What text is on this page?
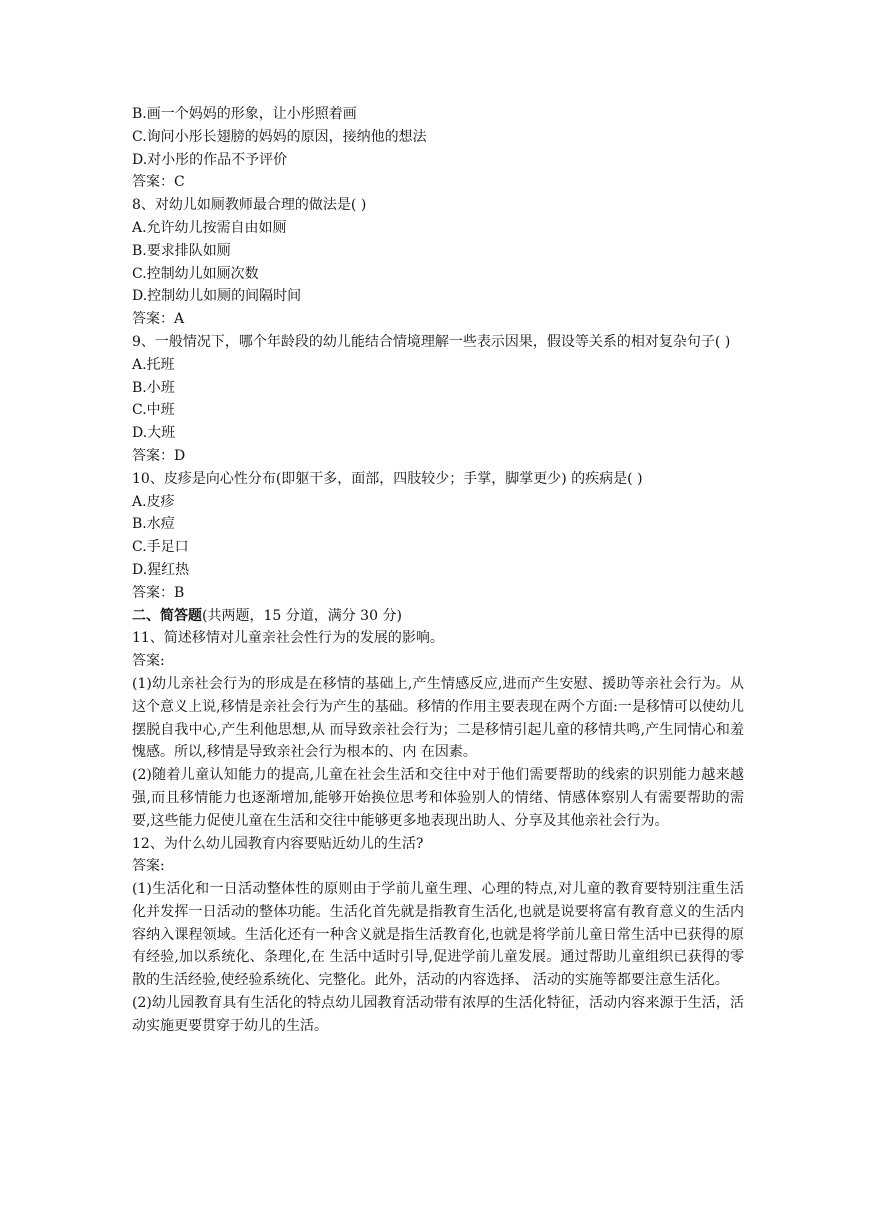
B.画一个妈妈的形象，让小彤照着画

C.询问小彤长翅膀的妈妈的原因，接纳他的想法

D.对小彤的作品不予评价

答案：C

8、对幼儿如厕教师最合理的做法是( )

A.允许幼儿按需自由如厕

B.要求排队如厕

C.控制幼儿如厕次数

D.控制幼儿如厕的间隔时间

答案：A

9、一般情况下，哪个年龄段的幼儿能结合情境理解一些表示因果，假设等关系的相对复杂句子( )

A.托班

B.小班

C.中班

D.大班

答案：D

10、皮疹是向心性分布(即躯干多，面部，四肢较少；手掌，脚掌更少) 的疾病是( )

A.皮疹

B.水痘

C.手足口

D.猩红热

答案：B

二、简答题(共两题，15 分道，满分 30 分)

11、简述移情对儿童亲社会性行为的发展的影响。

答案:

(1)幼儿亲社会行为的形成是在移情的基础上,产生情感反应,进而产生安慰、援助等亲社会行为。从这个意义上说,移情是亲社会行为产生的基础。移情的作用主要表现在两个方面:一是移情可以使幼儿摆脱自我中心,产生利他思想,从 而导致亲社会行为；二是移情引起儿童的移情共鸣,产生同情心和羞愧感。所以,移情是导致亲社会行为根本的、内 在因素。

(2)随着儿童认知能力的提高,儿童在社会生活和交往中对于他们需要帮助的线索的识别能力越来越强,而且移情能力也逐渐增加,能够开始换位思考和体验别人的情绪、情感体察别人有需要帮助的需要,这些能力促使儿童在生活和交往中能够更多地表现出助人、分享及其他亲社会行为。

12、为什么幼儿园教育内容要贴近幼儿的生活?

答案:

(1)生活化和一日活动整体性的原则由于学前儿童生理、心理的特点,对儿童的教育要特别注重生活化并发挥一日活动的整体功能。生活化首先就是指教育生活化,也就是说要将富有教育意义的生活内容纳入课程领域。生活化还有一种含义就是指生活教育化,也就是将学前儿童日常生活中已获得的原有经验,加以系统化、条理化,在 生活中适时引导,促进学前儿童发展。通过帮助儿童组织已获得的零散的生活经验,使经验系统化、完整化。此外，活动的内容选择、 活动的实施等都要注意生活化。

(2)幼儿园教育具有生活化的特点幼儿园教育活动带有浓厚的生活化特征，活动内容来源于生活，活动实施更要贯穿于幼儿的生活。
